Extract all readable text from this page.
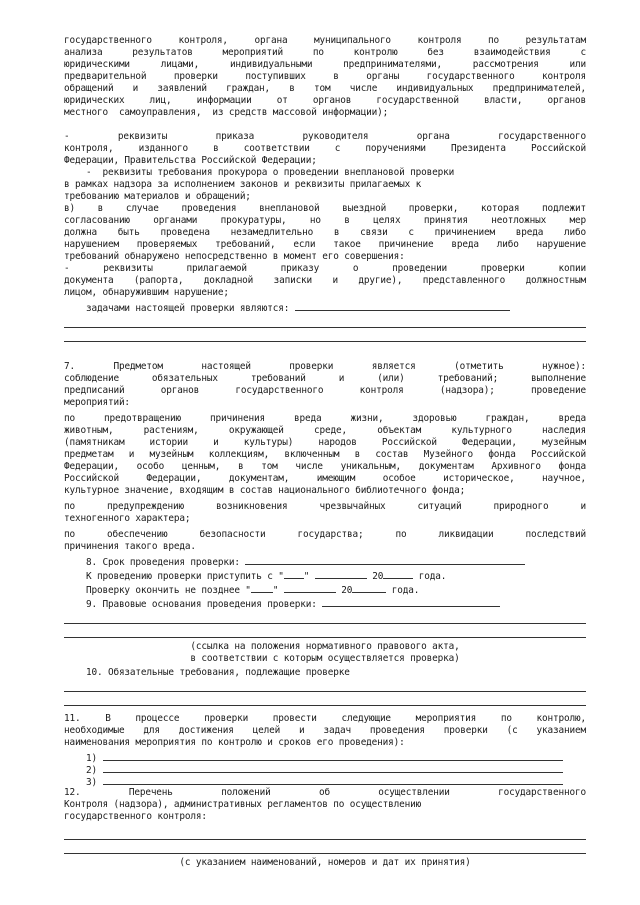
государственного контроля, органа муниципального контроля по результатам
анализа результатов мероприятий по контролю без взаимодействия с
юридическими лицами, индивидуальными предпринимателями, рассмотрения или
предварительной проверки поступивших в органы государственного контроля
обращений и заявлений граждан, в том числе индивидуальных предпринимателей,
юридических лиц, информации от органов государственной власти, органов
местного  самоуправления,  из средств массовой информации);
- реквизиты приказа руководителя органа государственного
контроля, изданного в соответствии с поручениями Президента Российской
Федерации, Правительства Российской Федерации;
-  реквизиты требования прокурора о проведении внеплановой проверки
в рамках надзора за исполнением законов и реквизиты прилагаемых к
требованию материалов и обращений;
в) в случае проведения внеплановой выездной проверки, которая подлежит
согласованию органами прокуратуры, но в целях принятия неотложных мер
должна быть проведена незамедлительно в связи с причинением вреда либо
нарушением проверяемых требований, если такое причинение вреда либо нарушение
требований обнаружено непосредственно в момент его совершения:
- реквизиты прилагаемой приказу о проведении проверки копии
документа (рапорта, докладной записки и другие), представленного должностным
лицом, обнаружившим нарушение;
задачами настоящей проверки являются:
7. Предметом настоящей проверки является (отметить нужное):
соблюдение обязательных требований и (или) требований; выполнение
предписаний органов государственного контроля (надзора); проведение
мероприятий:
по предотвращению причинения вреда жизни, здоровью граждан, вреда
животным, растениям, окружающей среде, объектам культурного наследия
(памятникам истории и культуры) народов Российской Федерации, музейным
предметам и музейным коллекциям, включенным в состав Музейного фонда Российской
Федерации, особо ценным, в том числе уникальным, документам Архивного фонда
Российской Федерации, документам, имеющим особое историческое, научное,
культурное значение, входящим в состав национального библиотечного фонда;
по предупреждению возникновения чрезвычайных ситуаций природного и
техногенного характера;
по обеспечению безопасности государства; по ликвидации последствий
причинения такого вреда.
8. Срок проведения проверки:
К проведению проверки приступить с " "	20	года.
Проверку окончить не позднее " "	20	года.
9. Правовые основания проведения проверки:
(ссылка на положения нормативного правового акта,
в соответствии с которым осуществляется проверка)
10. Обязательные требования, подлежащие проверке
11. В процессе проверки провести следующие мероприятия по контролю,
необходимые для достижения целей и задач проведения проверки (с указанием
наименования мероприятия по контролю и сроков его проведения):
1)
2)
3)
12. Перечень положений об осуществлении государственного
Контроля (надзора), административных регламентов по осуществлению
государственного контроля:
(с указанием наименований, номеров и дат их принятия)
